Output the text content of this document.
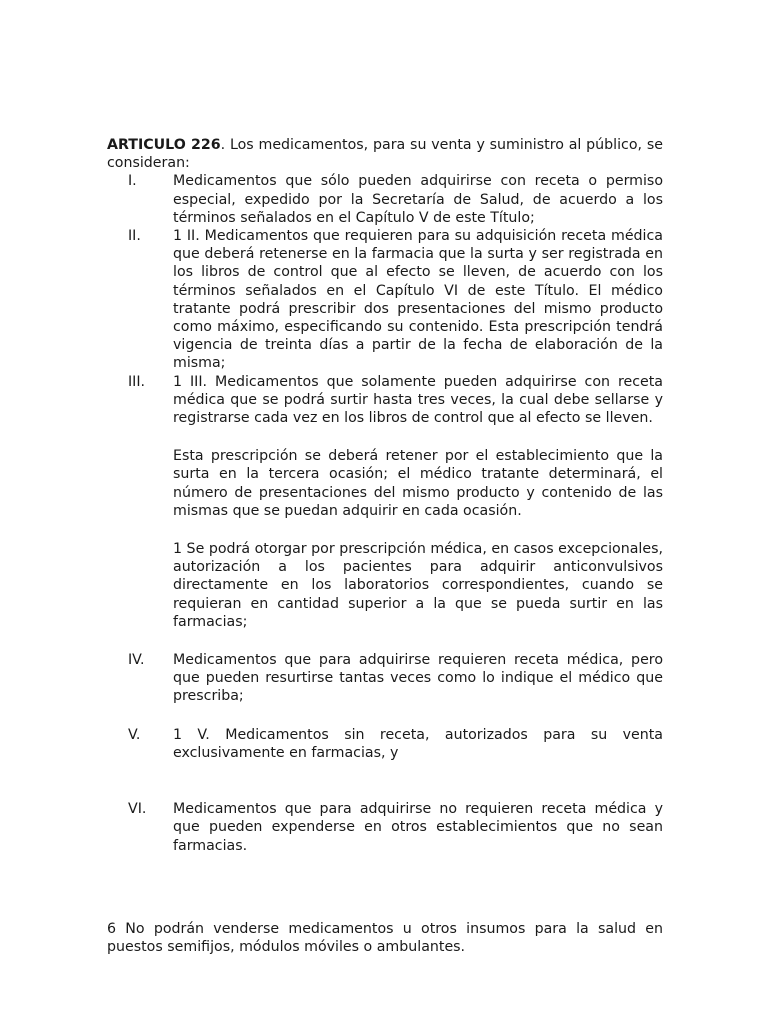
ARTICULO 226. Los medicamentos, para su venta y suministro al público, se consideran:

I.	Medicamentos que sólo pueden adquirirse con receta o permiso especial, expedido por la Secretaría de Salud, de acuerdo a los términos señalados en el Capítulo V de este Título;
II. 1 II. Medicamentos que requieren para su adquisición receta médica que deberá retenerse en la farmacia que la surta y ser registrada en los libros de control que al efecto se lleven, de acuerdo con los términos señalados en el Capítulo VI de este Título. El médico tratante podrá prescribir dos presentaciones del mismo producto como máximo, especificando su contenido. Esta prescripción tendrá vigencia de treinta días a partir de la fecha de elaboración de la misma;
III. 1 III. Medicamentos que solamente pueden adquirirse con receta médica que se podrá surtir hasta tres veces, la cual debe sellarse y registrarse cada vez en los libros de control que al efecto se lleven.

Esta prescripción se deberá retener por el establecimiento que la surta en la tercera ocasión; el médico tratante determinará, el número de presentaciones del mismo producto y contenido de las mismas que se puedan adquirir en cada ocasión.

1 Se podrá otorgar por prescripción médica, en casos excepcionales, autorización a los pacientes para adquirir anticonvulsivos directamente en los laboratorios correspondientes, cuando se requieran en cantidad superior a la que se pueda surtir en las farmacias;

IV. Medicamentos que para adquirirse requieren receta médica, pero que pueden resurtirse tantas veces como lo indique el médico que prescriba;
V. 1 V. Medicamentos sin receta, autorizados para su venta exclusivamente en farmacias, y
VI. Medicamentos que para adquirirse no requieren receta médica y que pueden expenderse en otros establecimientos que no sean farmacias.

6 No podrán venderse medicamentos u otros insumos para la salud en puestos semifijos, módulos móviles o ambulantes.
